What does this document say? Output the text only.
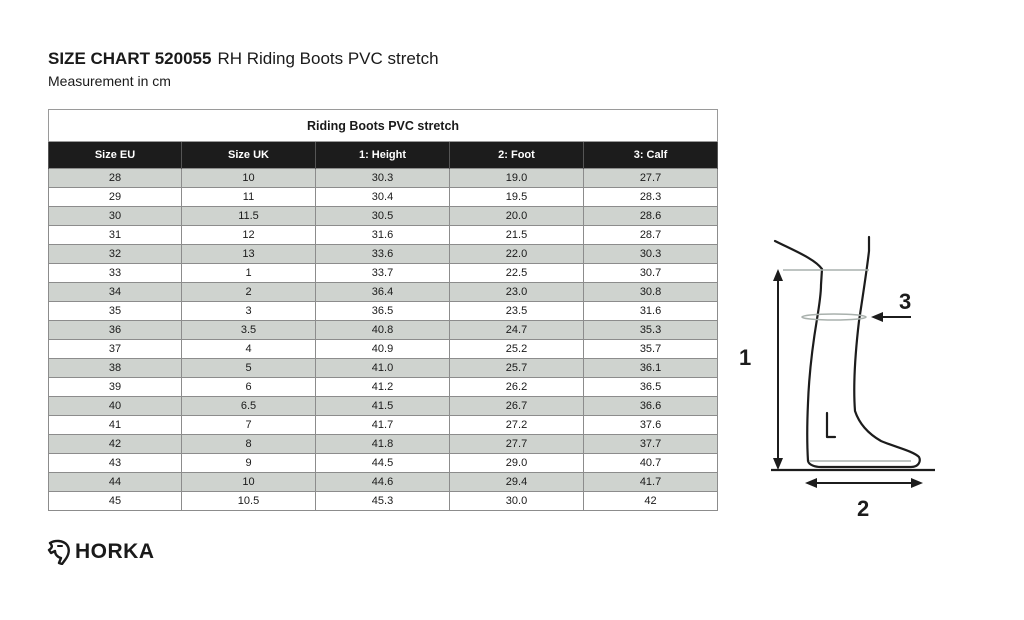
SIZE CHART 520055 RH Riding Boots PVC stretch
Measurement in cm
Riding Boots PVC stretch				
Size EU	Size UK	1: Height	2: Foot	3: Calf
28	10	30.3	19.0	27.7
29	11	30.4	19.5	28.3
30	11.5	30.5	20.0	28.6
31	12	31.6	21.5	28.7
32	13	33.6	22.0	30.3
33	1	33.7	22.5	30.7
34	2	36.4	23.0	30.8
35	3	36.5	23.5	31.6
36	3.5	40.8	24.7	35.3
37	4	40.9	25.2	35.7
38	5	41.0	25.7	36.1
39	6	41.2	26.2	36.5
40	6.5	41.5	26.7	36.6
41	7	41.7	27.2	37.6
42	8	41.8	27.7	37.7
43	9	44.5	29.0	40.7
44	10	44.6	29.4	41.7
45	10.5	45.3	30.0	42
1
2
3
HORKA
